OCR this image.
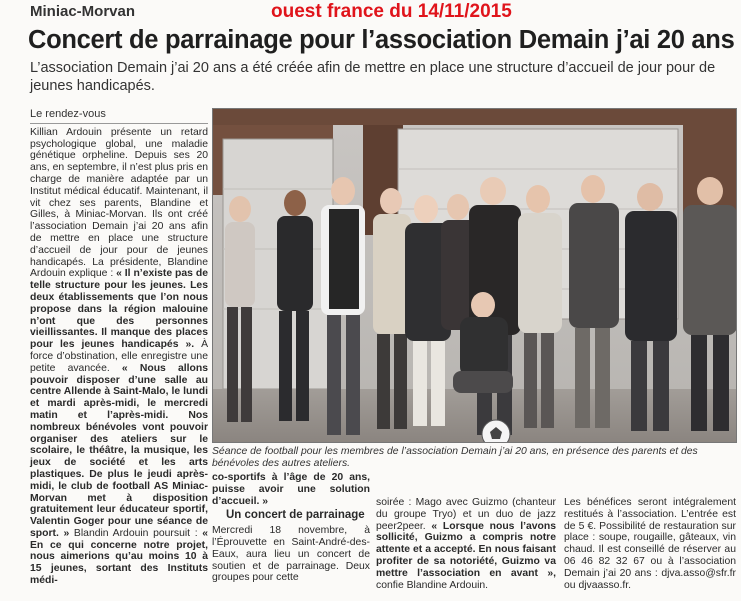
Miniac-Morvan	ouest france du 14/11/2015
Concert de parrainage pour l’association Demain j’ai 20 ans

L’association Demain j’ai 20 ans a été créée afin de mettre en place une structure d’accueil de jour pour de jeunes handicapés.

Le rendez-vous
Killian Ardouin présente un retard psychologique global, une maladie génétique orpheline. Depuis ses 20 ans, en septembre, il n’est plus pris en charge de manière adaptée par un Institut médical éducatif. Maintenant, il vit chez ses parents, Blandine et Gilles, à Miniac-Morvan. Ils ont créé l’association Demain j’ai 20 ans afin de mettre en place une structure d’accueil de jour pour de jeunes handicapés. La présidente, Blandine Ardouin explique : « Il n’existe pas de telle structure pour les jeunes. Les deux établissements que l’on nous propose dans la région malouine n’ont que des personnes vieillissantes. Il manque des places pour les jeunes handicapés ». À force d’obstination, elle enregistre une petite avancée. « Nous allons pouvoir disposer d’une salle au centre Allende à Saint-Malo, le lundi et mardi après-midi, le mercredi matin et l’après-midi. Nos nombreux bénévoles vont pouvoir organiser des ateliers sur le scolaire, le théâtre, la musique, les jeux de société et les arts plastiques. De plus le jeudi après-midi, le club de football AS Miniac-Morvan met à disposition gratuitement leur éducateur sportif, Valentin Goger pour une séance de sport. » Blandin Ardouin poursuit : « En ce qui concerne notre projet, nous aimerions qu’au moins 10 à 15 jeunes, sortant des Instituts médi-
Séance de football pour les membres de l’association Demain j’ai 20 ans, en présence des parents et des bénévoles des autres ateliers.

co-sportifs à l’âge de 20 ans, puisse avoir une solution d’accueil. »

Un concert de parrainage

Mercredi 18 novembre, à l’Éprouvette en Saint-André-des-Eaux, aura lieu un concert de soutien et de parrainage. Deux groupes pour cette

soirée : Mago avec Guizmo (chanteur du groupe Tryo) et un duo de jazz peer2peer. « Lorsque nous l’avons sollicité, Guizmo a compris notre attente et a accepté. En nous faisant profiter de sa notoriété, Guizmo va mettre l’association en avant », confie Blandine Ardouin.

Les bénéfices seront intégralement restitués à l’association. L’entrée est de 5 €. Possibilité de restauration sur place : soupe, rougaille, gâteaux, vin chaud. Il est conseillé de réserver au 06 46 82 32 67 ou à l’association Demain j’ai 20 ans : djva.asso@sfr.fr ou djvaasso.fr.
